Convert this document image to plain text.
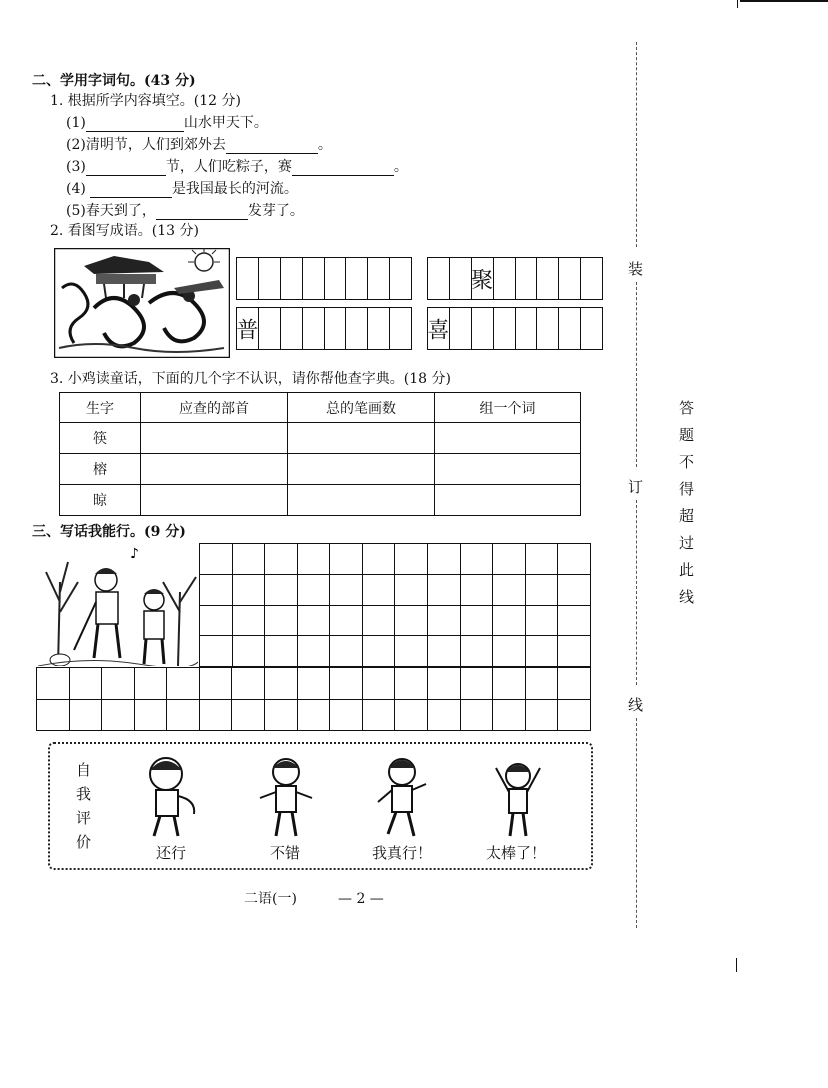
二、学用字词句。(43 分)
1. 根据所学内容填空。(12 分)
(1)	山水甲天下。
(2)清明节，人们到郊外去	。
(3)	节，人们吃粽子，赛	。
(4)	是我国最长的河流。
(5)春天到了，	发芽了。
2. 看图写成语。(13 分)
聚
普	喜
3. 小鸡读童话，下面的几个字不认识，请你帮他查字典。(18 分)
生字	应查的部首	总的笔画数	组一个词
筷			
榕			
晾			
三、写话我能行。(9 分)
♪

自
我
评
价
还行	不错	我真行！	太棒了！
二语(一)	— 2 —
装
订
线
答题不得超过此线
